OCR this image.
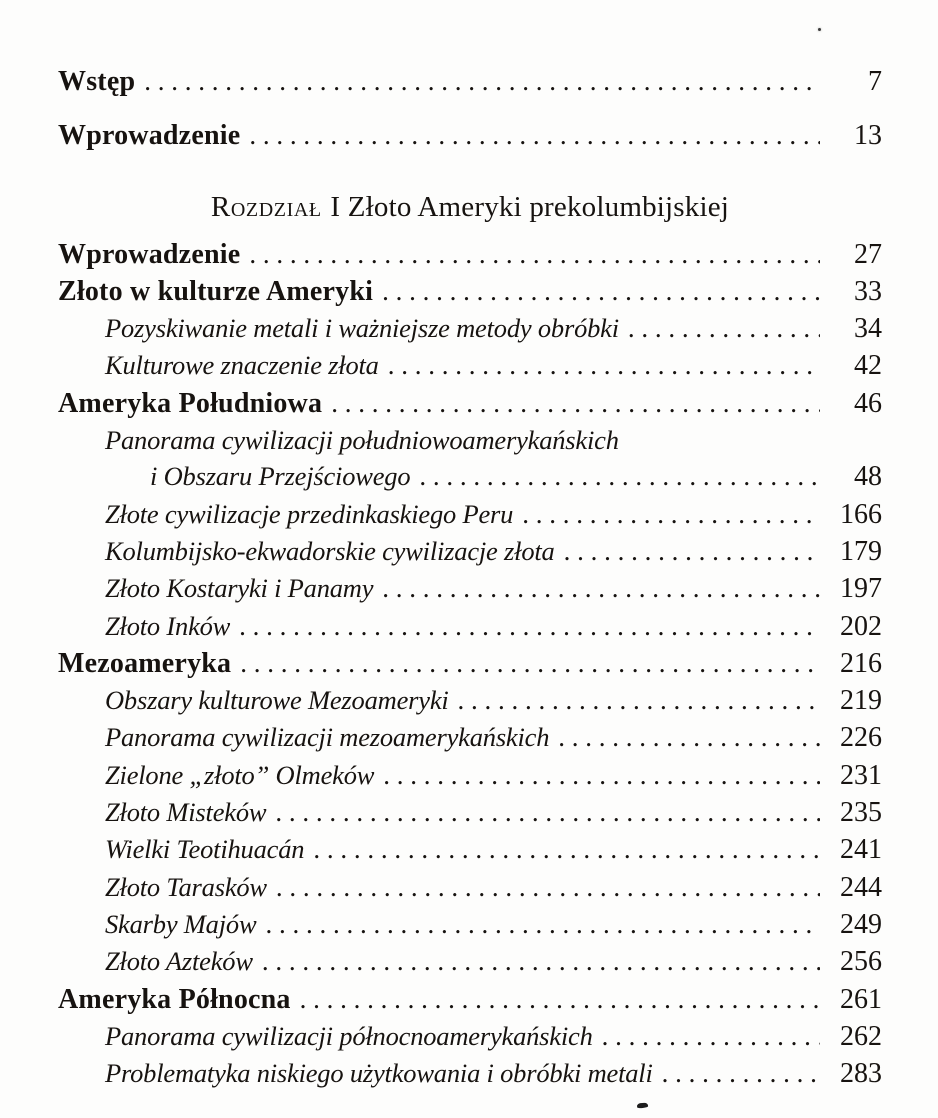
Wstęp . . .	7
Wprowadzenie . . .	13
Rozdział I Złoto Ameryki prekolumbijskiej
Wprowadzenie . . .	27
Złoto w kulturze Ameryki . . .	33
Pozyskiwanie metali i ważniejsze metody obróbki . . .	34
Kulturowe znaczenie złota . . .	42
Ameryka Południowa . . .	46
Panorama cywilizacji południowoamerykańskich
i Obszaru Przejściowego . . .	48
Złote cywilizacje przedinkaskiego Peru . . .	166
Kolumbijsko-ekwadorskie cywilizacje złota . . .	179
Złoto Kostaryki i Panamy . . .	197
Złoto Inków . . .	202
Mezoameryka . . .	216
Obszary kulturowe Mezoameryki . . .	219
Panorama cywilizacji mezoamerykańskich . . .	226
Zielone „złoto” Olmeków . . .	231
Złoto Misteków . . .	235
Wielki Teotihuacán . . .	241
Złoto Tarasków . . .	244
Skarby Majów . . .	249
Złoto Azteków . . .	256
Ameryka Północna . . .	261
Panorama cywilizacji północnoamerykańskich . . .	262
Problematyka niskiego użytkowania i obróbki metali . . .	283
